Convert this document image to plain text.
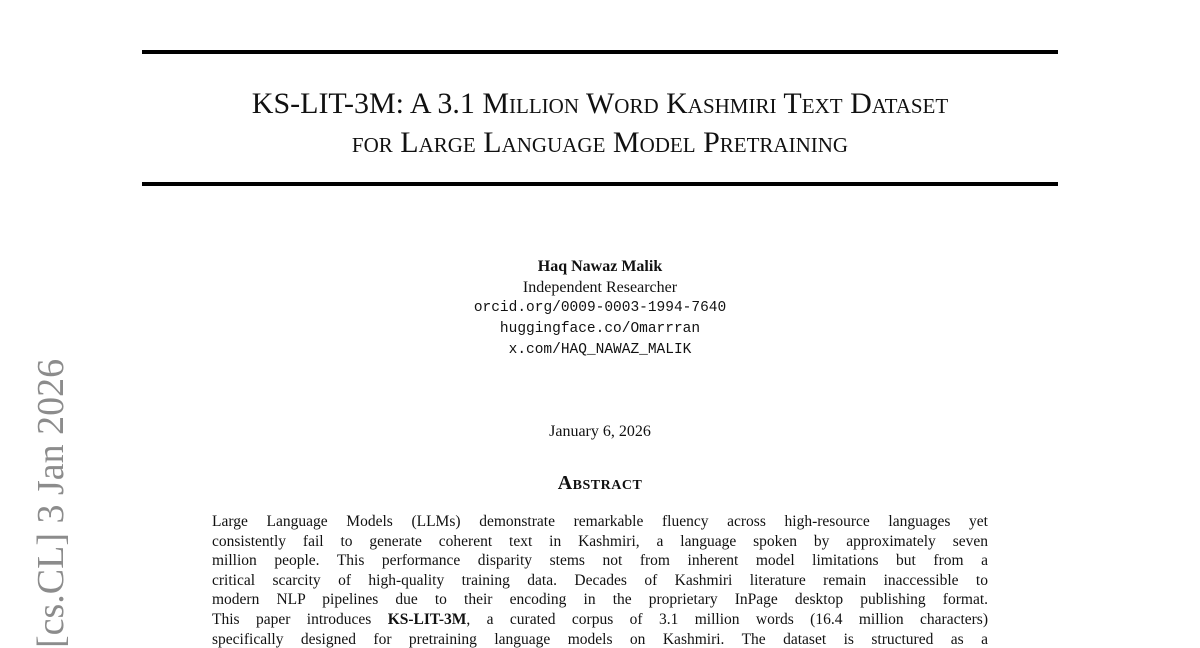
KS-LIT-3M: A 3.1 Million Word Kashmiri Text Dataset
for Large Language Model Pretraining
Haq Nawaz Malik
Independent Researcher
orcid.org/0009-0003-1994-7640
huggingface.co/Omarrran
x.com/HAQ_NAWAZ_MALIK
January 6, 2026
Abstract
Large Language Models (LLMs) demonstrate remarkable fluency across high-resource languages yet
consistently fail to generate coherent text in Kashmiri, a language spoken by approximately seven
million people. This performance disparity stems not from inherent model limitations but from a
critical scarcity of high-quality training data. Decades of Kashmiri literature remain inaccessible to
modern NLP pipelines due to their encoding in the proprietary InPage desktop publishing format.
This paper introduces KS-LIT-3M, a curated corpus of 3.1 million words (16.4 million characters)
specifically designed for pretraining language models on Kashmiri. The dataset is structured as a
[cs.CL] 3 Jan 2026
